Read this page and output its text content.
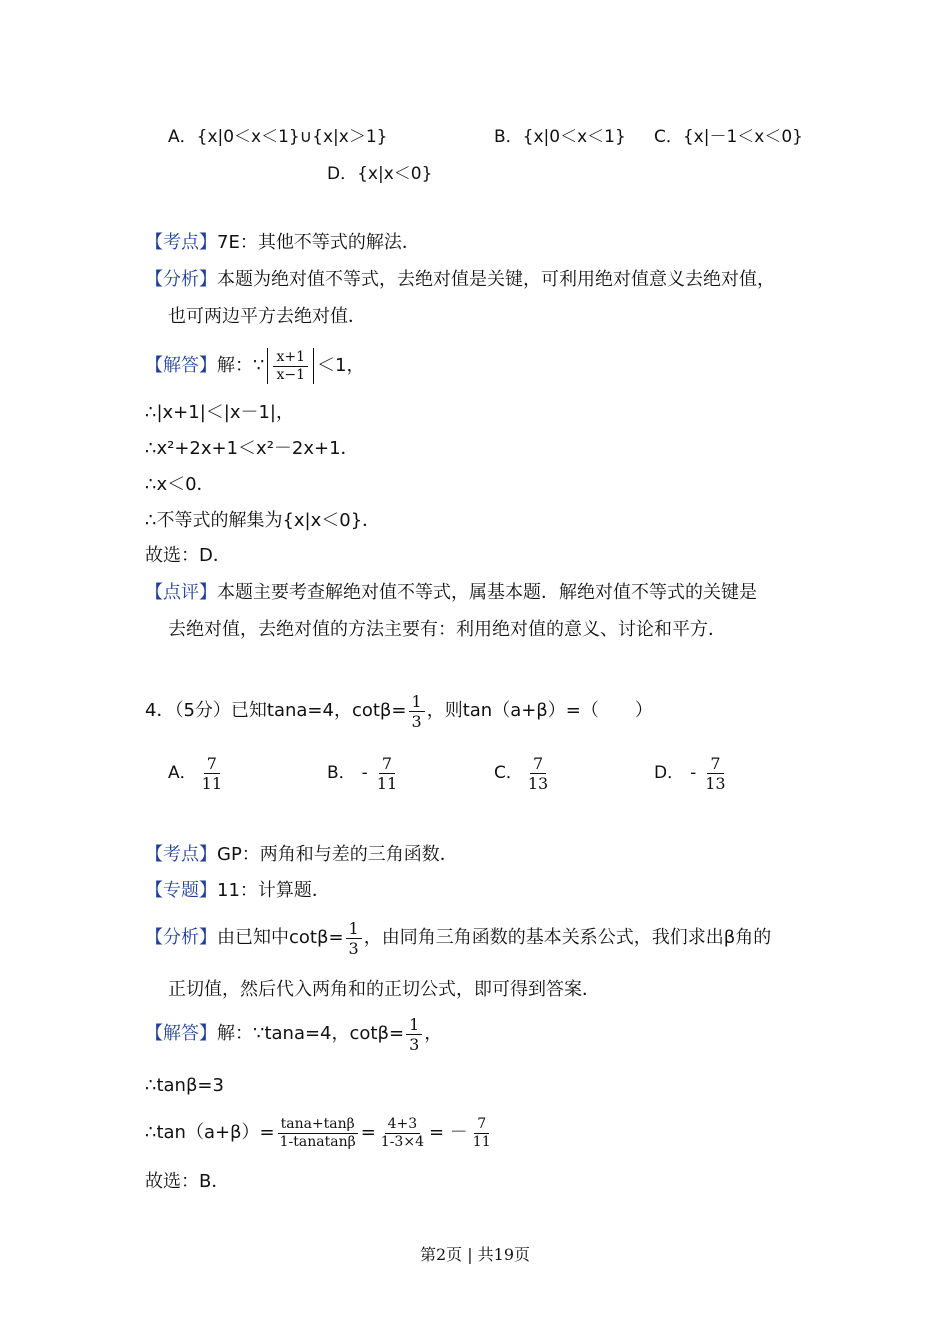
A．{x|0＜x＜1}∪{x|x＞1}	B．{x|0＜x＜1} C．{x|－1＜x＜0}
D．{x|x＜0}
【考点】7E：其他不等式的解法．
【分析】本题为绝对值不等式，去绝对值是关键，可利用绝对值意义去绝对值，
也可两边平方去绝对值．
【解答】 解：∵ $\frac{x+1}{x-1} <1$，
∴|x+1|＜|x－1|，
∴x²+2x+1＜x²－2x+1．
∴x＜0．
∴不等式的解集为{x|x＜0}．
故选：D．
【点评】本题主要考查解绝对值不等式，属基本题．解绝对值不等式的关键是
去绝对值，去绝对值的方法主要有：利用绝对值的意义、讨论和平方．
4．（5分）已知tana=4，$\cot\beta= \frac{1}{3}$ ，则tan（a+β）=（　　）
A． $\frac{7}{11}$	B． - $\frac{7}{11}$	C． $\frac{7}{13}$	D． - $\frac{7}{13}$
【考点】GP：两角和与差的三角函数．
【专题】11：计算题．
【分析】 由已知中$\cot\beta= \frac{1}{3}$ ，由同角三角函数的基本关系公式，我们求出β角的
正切值，然后代入两角和的正切公式，即可得到答案．
【解答】 解：∵tana=4，$\cot\beta= \frac{1}{3}$ ，
∴tanβ=3
∴tan（a+β）= $\frac{\tan a+\tan\beta}{\text{1-tanatanβ}} = \frac{4+3}{1-3\times 4}$ = － $\frac{7}{11}$
故选：B．
第2页 | 共19页
